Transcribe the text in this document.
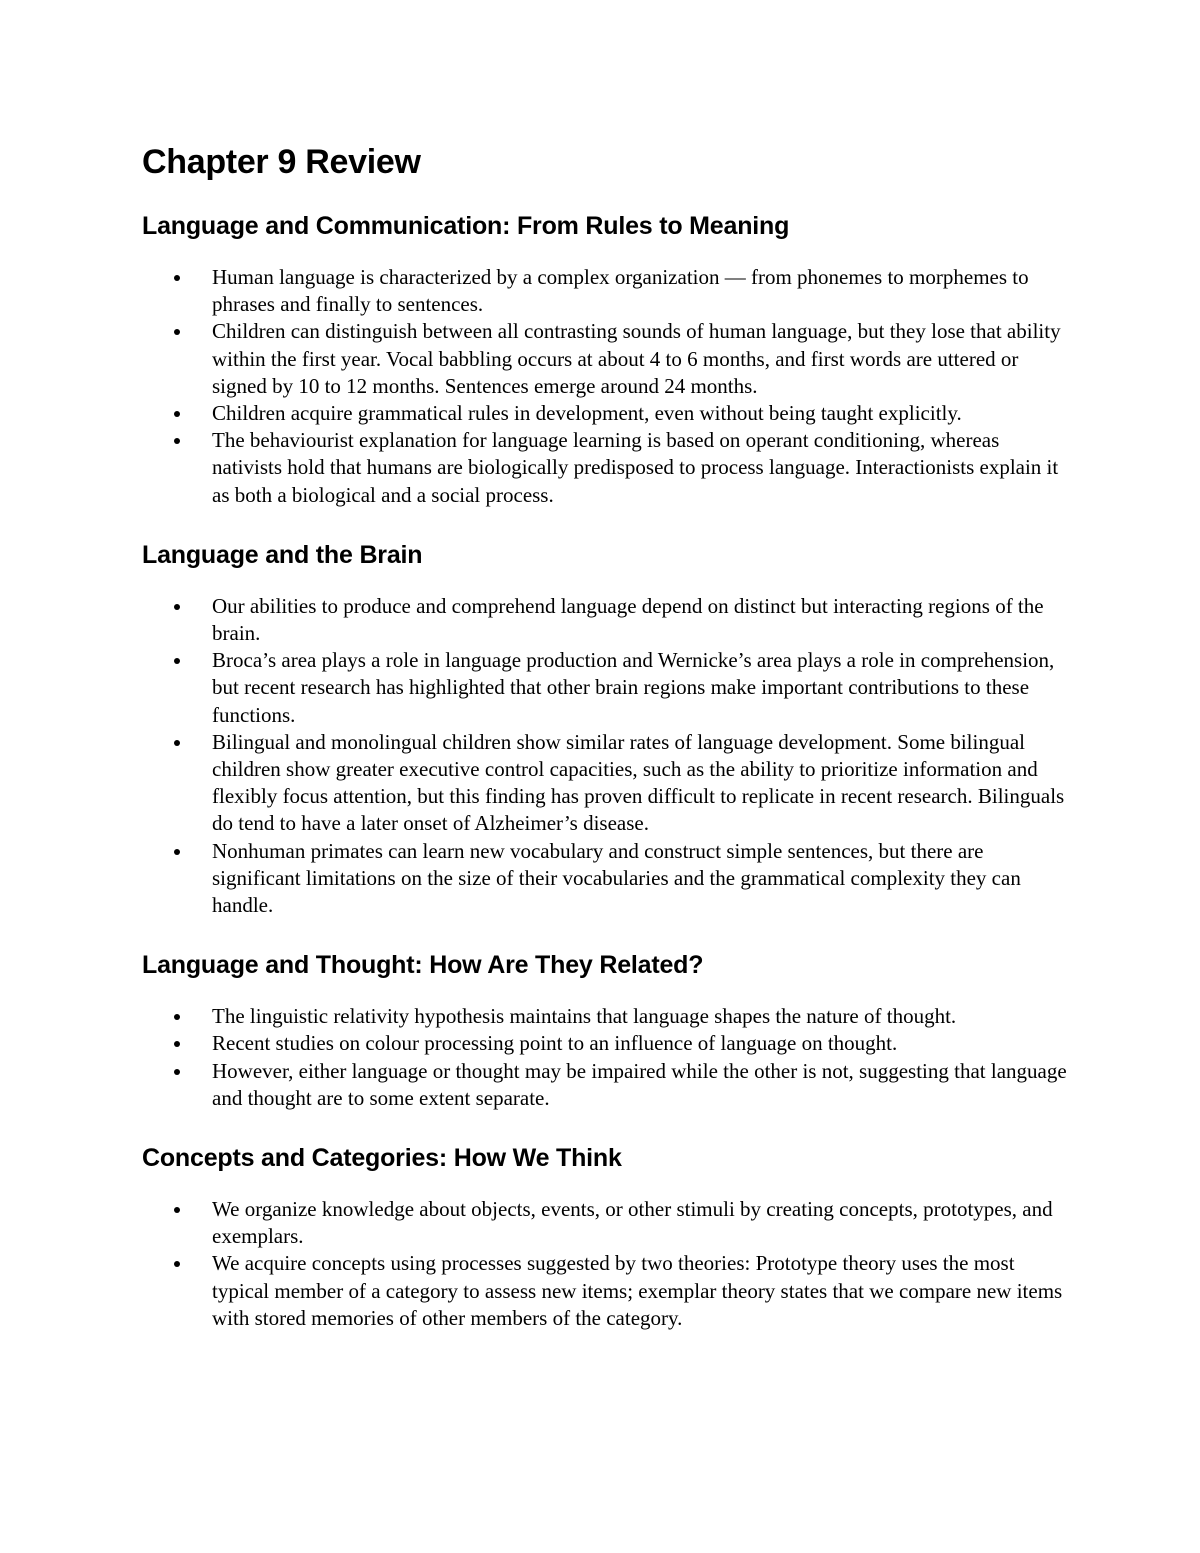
Chapter 9 Review
Language and Communication: From Rules to Meaning
Human language is characterized by a complex organization — from phonemes to morphemes to phrases and finally to sentences.
Children can distinguish between all contrasting sounds of human language, but they lose that ability within the first year. Vocal babbling occurs at about 4 to 6 months, and first words are uttered or signed by 10 to 12 months. Sentences emerge around 24 months.
Children acquire grammatical rules in development, even without being taught explicitly.
The behaviourist explanation for language learning is based on operant conditioning, whereas nativists hold that humans are biologically predisposed to process language. Interactionists explain it as both a biological and a social process.
Language and the Brain
Our abilities to produce and comprehend language depend on distinct but interacting regions of the brain.
Broca’s area plays a role in language production and Wernicke’s area plays a role in comprehension, but recent research has highlighted that other brain regions make important contributions to these functions.
Bilingual and monolingual children show similar rates of language development. Some bilingual children show greater executive control capacities, such as the ability to prioritize information and flexibly focus attention, but this finding has proven difficult to replicate in recent research. Bilinguals do tend to have a later onset of Alzheimer’s disease.
Nonhuman primates can learn new vocabulary and construct simple sentences, but there are significant limitations on the size of their vocabularies and the grammatical complexity they can handle.
Language and Thought: How Are They Related?
The linguistic relativity hypothesis maintains that language shapes the nature of thought.
Recent studies on colour processing point to an influence of language on thought.
However, either language or thought may be impaired while the other is not, suggesting that language and thought are to some extent separate.
Concepts and Categories: How We Think
We organize knowledge about objects, events, or other stimuli by creating concepts, prototypes, and exemplars.
We acquire concepts using processes suggested by two theories: Prototype theory uses the most typical member of a category to assess new items; exemplar theory states that we compare new items with stored memories of other members of the category.
